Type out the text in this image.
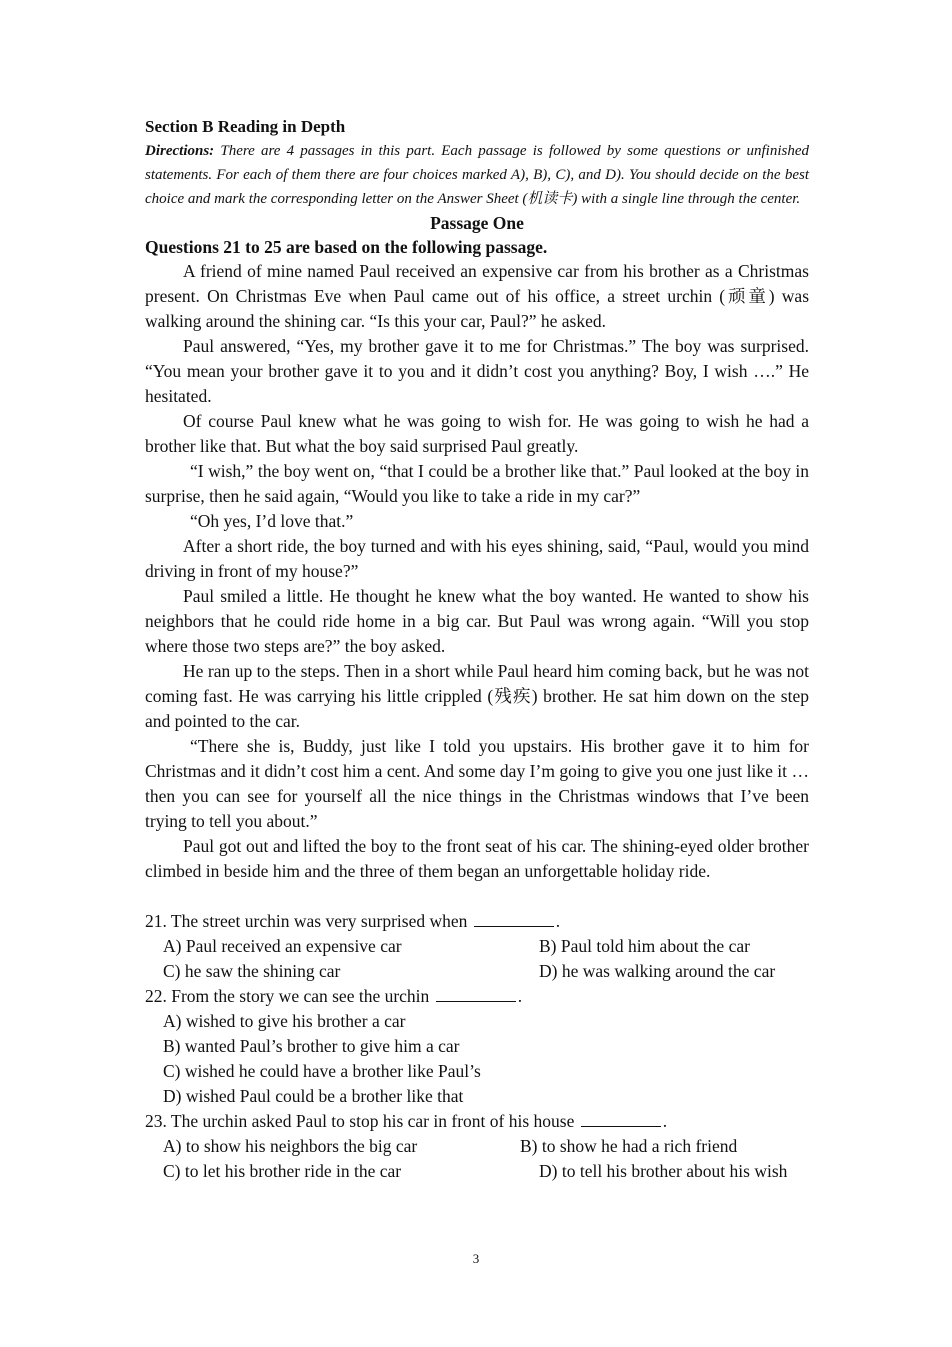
Section B Reading in Depth

Directions: There are 4 passages in this part. Each passage is followed by some questions or unfinished statements. For each of them there are four choices marked A), B), C), and D). You should decide on the best choice and mark the corresponding letter on the Answer Sheet (机读卡) with a single line through the center.

Passage One

Questions 21 to 25 are based on the following passage.

A friend of mine named Paul received an expensive car from his brother as a Christmas present. On Christmas Eve when Paul came out of his office, a street urchin (顽童) was walking around the shining car. “Is this your car, Paul?” he asked.

Paul answered, “Yes, my brother gave it to me for Christmas.” The boy was surprised. “You mean your brother gave it to you and it didn’t cost you anything? Boy, I wish ….” He hesitated.

Of course Paul knew what he was going to wish for. He was going to wish he had a brother like that. But what the boy said surprised Paul greatly.

“I wish,” the boy went on, “that I could be a brother like that.” Paul looked at the boy in surprise, then he said again, “Would you like to take a ride in my car?”

“Oh yes, I’d love that.”

After a short ride, the boy turned and with his eyes shining, said, “Paul, would you mind driving in front of my house?”

Paul smiled a little. He thought he knew what the boy wanted. He wanted to show his neighbors that he could ride home in a big car. But Paul was wrong again. “Will you stop where those two steps are?” the boy asked.

He ran up to the steps. Then in a short while Paul heard him coming back, but he was not coming fast. He was carrying his little crippled (残疾) brother. He sat him down on the step and pointed to the car.

“There she is, Buddy, just like I told you upstairs. His brother gave it to him for Christmas and it didn’t cost him a cent. And some day I’m going to give you one just like it … then you can see for yourself all the nice things in the Christmas windows that I’ve been trying to tell you about.”

Paul got out and lifted the boy to the front seat of his car. The shining-eyed older brother climbed in beside him and the three of them began an unforgettable holiday ride.

21. The street urchin was very surprised when	.

A) Paul received an expensive car	B) Paul told him about the car
C) he saw the shining car	D) he was walking around the car

22. From the story we can see the urchin	.

A) wished to give his brother a car
B) wanted Paul’s brother to give him a car
C) wished he could have a brother like Paul’s
D) wished Paul could be a brother like that

23. The urchin asked Paul to stop his car in front of his house	.

A) to show his neighbors the big car	B) to show he had a rich friend
C) to let his brother ride in the car	D) to tell his brother about his wish
3
